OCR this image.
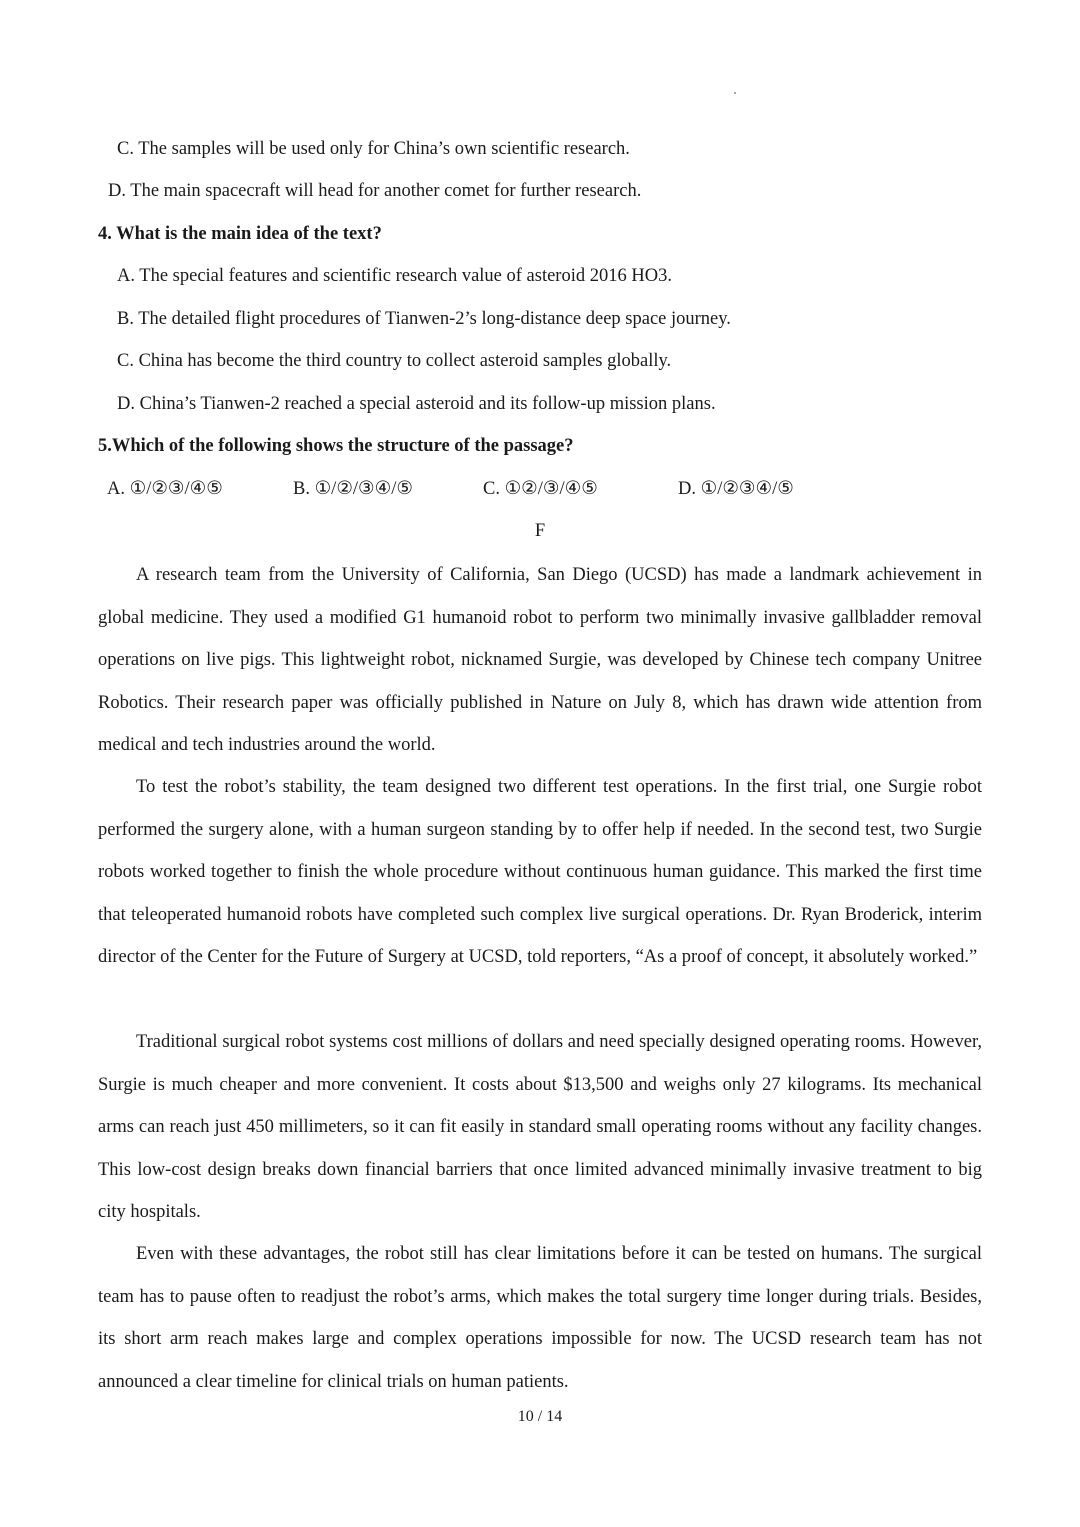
C. The samples will be used only for China’s own scientific research.
D. The main spacecraft will head for another comet for further research.
4. What is the main idea of the text?
A. The special features and scientific research value of asteroid 2016 HO3.
B. The detailed flight procedures of Tianwen-2’s long-distance deep space journey.
C. China has become the third country to collect asteroid samples globally.
D. China’s Tianwen-2 reached a special asteroid and its follow-up mission plans.
5.Which of the following shows the structure of the passage?
A. ①/②③/④⑤	B. ①/②/③④/⑤	C. ①②/③/④⑤	D. ①/②③④/⑤
F
A research team from the University of California, San Diego (UCSD) has made a landmark achievement in global medicine. They used a modified G1 humanoid robot to perform two minimally invasive gallbladder removal operations on live pigs. This lightweight robot, nicknamed Surgie, was developed by Chinese tech company Unitree Robotics. Their research paper was officially published in Nature on July 8, which has drawn wide attention from medical and tech industries around the world.
To test the robot’s stability, the team designed two different test operations. In the first trial, one Surgie robot performed the surgery alone, with a human surgeon standing by to offer help if needed. In the second test, two Surgie robots worked together to finish the whole procedure without continuous human guidance. This marked the first time that teleoperated humanoid robots have completed such complex live surgical operations. Dr. Ryan Broderick, interim director of the Center for the Future of Surgery at UCSD, told reporters, “As a proof of concept, it absolutely worked.”
Traditional surgical robot systems cost millions of dollars and need specially designed operating rooms. However, Surgie is much cheaper and more convenient. It costs about $13,500 and weighs only 27 kilograms. Its mechanical arms can reach just 450 millimeters, so it can fit easily in standard small operating rooms without any facility changes. This low-cost design breaks down financial barriers that once limited advanced minimally invasive treatment to big city hospitals.
Even with these advantages, the robot still has clear limitations before it can be tested on humans. The surgical team has to pause often to readjust the robot’s arms, which makes the total surgery time longer during trials. Besides, its short arm reach makes large and complex operations impossible for now. The UCSD research team has not announced a clear timeline for clinical trials on human patients.
10 / 14
